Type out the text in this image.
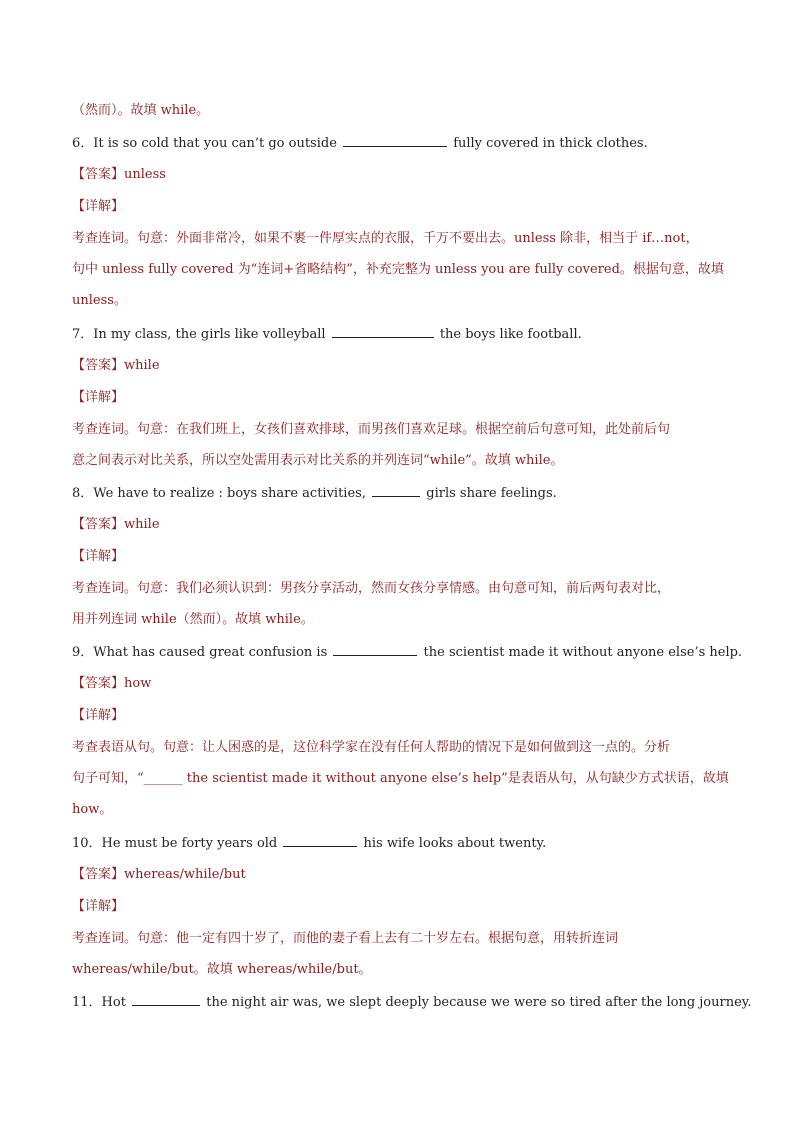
（然而）。故填 while。
6．It is so cold that you can’t go outside	fully covered in thick clothes.
【答案】unless
【详解】
考查连词。句意：外面非常冷，如果不裹一件厚实点的衣服，千万不要出去。unless 除非，相当于 if…not，
句中 unless fully covered 为“连词+省略结构”，补充完整为 unless you are fully covered。根据句意，故填
unless。
7．In my class, the girls like volleyball	the boys like football.
【答案】while
【详解】
考查连词。句意：在我们班上，女孩们喜欢排球，而男孩们喜欢足球。根据空前后句意可知，此处前后句
意之间表示对比关系，所以空处需用表示对比关系的并列连词“while”。故填 while。
8．We have to realize : boys share activities,	girls share feelings.
【答案】while
【详解】
考查连词。句意：我们必须认识到：男孩分享活动，然而女孩分享情感。由句意可知，前后两句表对比，
用并列连词 while（然而）。故填 while。
9．What has caused great confusion is	the scientist made it without anyone else’s help.
【答案】how
【详解】
考查表语从句。句意：让人困惑的是，这位科学家在没有任何人帮助的情况下是如何做到这一点的。分析
句子可知，“______ the scientist made it without anyone else’s help”是表语从句，从句缺少方式状语，故填
how。
10．He must be forty years old	his wife looks about twenty.
【答案】whereas/while/but
【详解】
考查连词。句意：他一定有四十岁了，而他的妻子看上去有二十岁左右。根据句意，用转折连词
whereas/while/but。故填 whereas/while/but。
11．Hot	the night air was, we slept deeply because we were so tired after the long journey.
